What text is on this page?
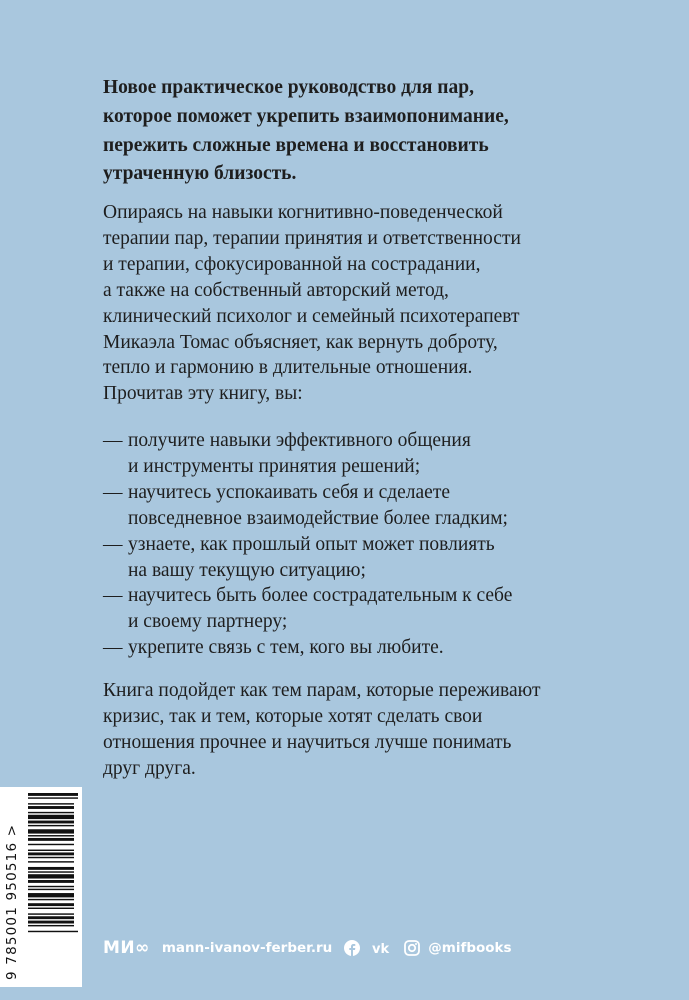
Новое практическое руководство для пар,
которое поможет укрепить взаимопонимание,
пережить сложные времена и восстановить
утраченную близость.

Опираясь на навыки когнитивно-поведенческой
терапии пар, терапии принятия и ответственности
и терапии, сфокусированной на сострадании,
а также на собственный авторский метод,
клинический психолог и семейный психотерапевт
Микаэла Томас объясняет, как вернуть доброту,
тепло и гармонию в длительные отношения.
Прочитав эту книгу, вы:

— получите навыки эффективного общения
и инструменты принятия решений;
— научитесь успокаивать себя и сделаете
повседневное взаимодействие более гладким;
— узнаете, как прошлый опыт может повлиять
на вашу текущую ситуацию;
— научитесь быть более сострадательным к себе
и своему партнеру;
— укрепите связь с тем, кого вы любите.

Книга подойдет как тем парам, которые переживают
кризис, так и тем, которые хотят сделать свои
отношения прочнее и научиться лучше понимать
друг друга.

9 785001 950516 >	МИ∞ mann-ivanov-ferber.ru	vk	@mifbooks
